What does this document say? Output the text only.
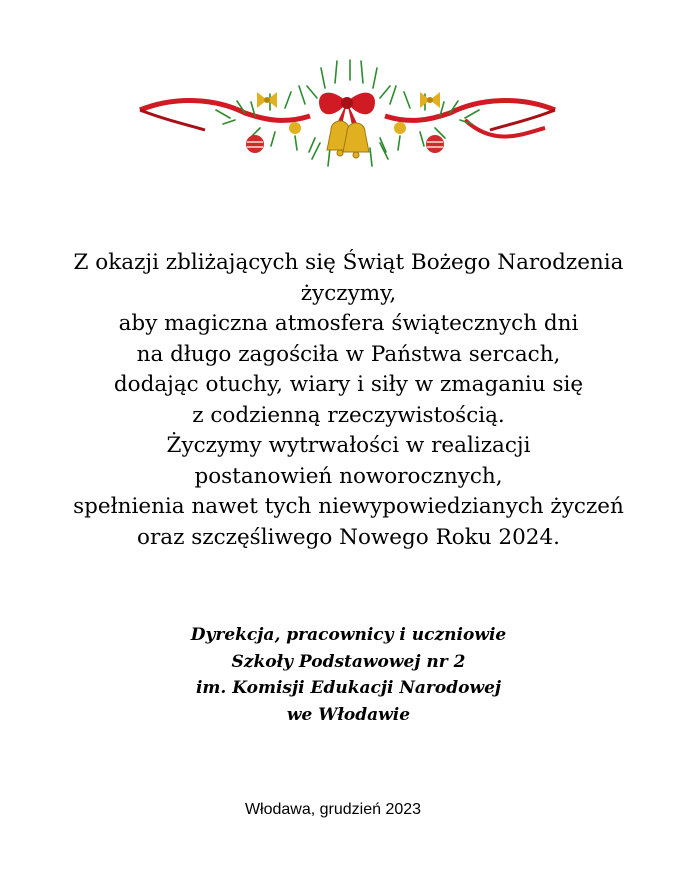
Z okazji zbliżających się Świąt Bożego Narodzenia
życzymy,
aby magiczna atmosfera świątecznych dni
na długo zagościła w Państwa sercach,
dodając otuchy, wiary i siły w zmaganiu się
z codzienną rzeczywistością.
Życzymy wytrwałości w realizacji
postanowień noworocznych,
spełnienia nawet tych niewypowiedzianych życzeń
oraz szczęśliwego Nowego Roku 2024.
Dyrekcja, pracownicy i uczniowie
Szkoły Podstawowej nr 2
im. Komisji Edukacji Narodowej
we Włodawie
Włodawa, grudzień 2023
